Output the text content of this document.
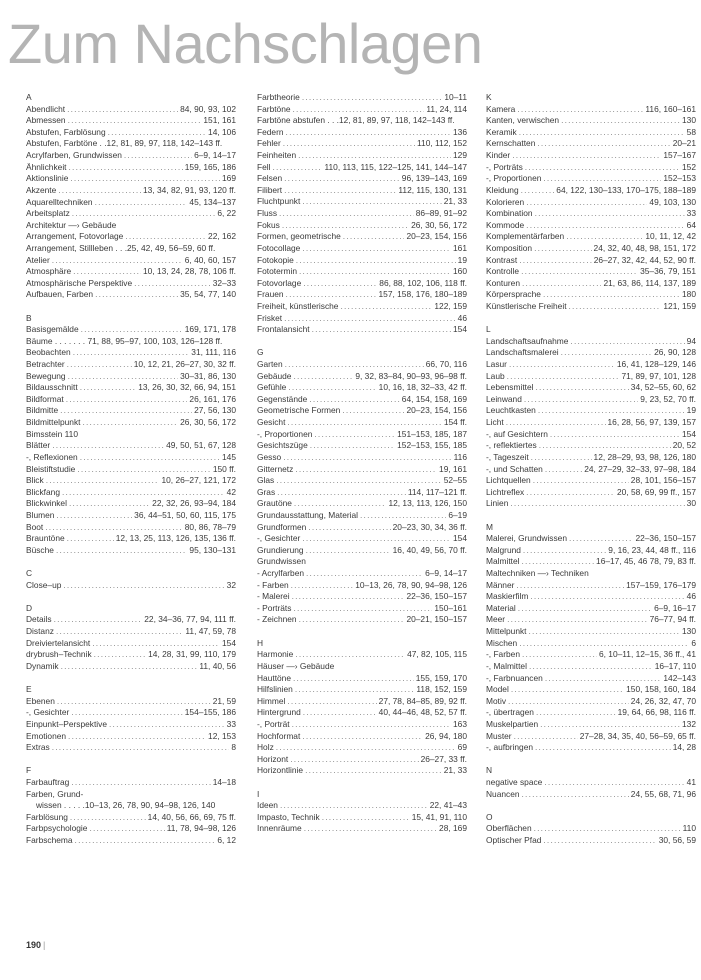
Zum Nachschlagen
A
Abendlicht .....	84, 90, 93, 102
Abmessen .....	151, 161
Abstufen, Farblösung .....	14, 106
Abstufen, Farbtöne . .12, 81, 89, 97, 118, 142–143 ff.
Acrylfarben, Grundwissen .....	6–9, 14–17
Ähnlichkeit .....	159, 165, 186
Aktionslinie .....	169
Akzente .....	13, 34, 82, 91, 93, 120 ff.
Aquarelltechniken .....	45, 134–137
Arbeitsplatz .....	6, 22
Architektur —› Gebäude
Arrangement, Fotovorlage .....	22, 162
Arrangement, Stillleben . . .25, 42, 49, 56–59, 60 ff.
Atelier .....	6, 40, 60, 157
Atmosphäre .....	10, 13, 24, 28, 78, 106 ff.
Atmosphärische Perspektive .....	32–33
Aufbauen, Farben .....	35, 54, 77, 140
B
Basisgemälde .....	169, 171, 178
Bäume . . . . . . . 71, 88, 95–97, 100, 103, 126–128 ff.
Beobachten .....	31, 111, 116
Betrachter .....	10, 12, 21, 26–27, 30, 32 ff.
Bewegung .....	30–31, 86, 130
Bildausschnitt .....	13, 26, 30, 32, 66, 94, 151
Bildformat .....	26, 161, 176
Bildmitte .....	27, 56, 130
Bildmittelpunkt .....	26, 30, 56, 172
Bimsstein 110
Blätter .....	49, 50, 51, 67, 128
-, Reflexionen .....	145
Bleistiftstudie .....	150 ff.
Blick .....	10, 26–27, 121, 172
Blickfang .....	42
Blickwinkel .....	22, 32, 26, 93–94, 184
Blumen .....	36, 44–51, 50, 60, 115, 175
Boot .....	80, 86, 78–79
Brauntöne .....	12, 13, 25, 113, 126, 135, 136 ff.
Büsche .....	95, 130–131
C
Close–up .....	32
D
Details .....	22, 34–36, 77, 94, 111 ff.
Distanz .....	11, 47, 59, 78
Dreiviertelansicht .....	154
drybrush–Technik .....	14, 28, 31, 99, 110, 179
Dynamik .....	11, 40, 56
E
Ebenen .....	21, 59
-, Gesichter .....	154–155, 186
Einpunkt–Perspektive .....	33
Emotionen .....	12, 153
Extras .....	8
F
Farbauftrag .....	14–18
Farben, Grund-
wissen . . . . .10–13, 26, 78, 90, 94–98, 126, 140
Farblösung .....	14, 40, 56, 66, 69, 75 ff.
Farbpsychologie .....	11, 78, 94–98, 126
Farbschema .....	6, 12
Farbtheorie .....	10–11
Farbtöne .....	11, 24, 114
Farbtöne abstufen . . .12, 81, 89, 97, 118, 142–143 ff.
Federn .....	136
Fehler .....	110, 112, 152
Feinheiten .....	129
Fell .....	110, 113, 115, 122–125, 141, 144–147
Felsen .....	96, 139–143, 169
Filibert .....	112, 115, 130, 131
Fluchtpunkt .....	21, 33
Fluss .....	86–89, 91–92
Fokus .....	26, 30, 56, 172
Formen, geometrische .....	20–23, 154, 156
Fotocollage .....	161
Fotokopie .....	19
Fototermin .....	160
Fotovorlage .....	86, 88, 102, 106, 118 ff.
Frauen .....	157, 158, 176, 180–189
Freiheit, künstlerische .....	122, 159
Frisket .....	46
Frontalansicht .....	154
G
Garten .....	66, 70, 116
Gebäude .....	9, 32, 83–84, 90–93, 96–98 ff.
Gefühle .....	10, 16, 18, 32–33, 42 ff.
Gegenstände .....	64, 154, 158, 169
Geometrische Formen .....	20–23, 154, 156
Gesicht .....	154 ff.
-, Proportionen .....	151–153, 185, 187
Gesichtszüge .....	152–153, 155, 185
Gesso .....	116
Gitternetz .....	19, 161
Glas .....	52–55
Gras .....	114, 117–121 ff.
Grautöne .....	12, 13, 113, 126, 150
Grundausstattung, Material .....	6–19
Grundformen .....	20–23, 30, 34, 36 ff.
-, Gesichter .....	154
Grundierung .....	16, 40, 49, 56, 70 ff.
Grundwissen
- Acrylfarben .....	6–9, 14–17
- Farben .....	10–13, 26, 78, 90, 94–98, 126
- Malerei .....	22–36, 150–157
- Porträts .....	150–161
- Zeichnen .....	20–21, 150–157
H
Harmonie .....	47, 82, 105, 115
Häuser —› Gebäude
Hauttöne .....	155, 159, 170
Hilfslinien .....	118, 152, 159
Himmel .....	27, 78, 84–85, 89, 92 ff.
Hintergrund .....	40, 44–46, 48, 52, 57 ff.
-, Porträt .....	163
Hochformat .....	26, 94, 180
Holz .....	69
Horizont .....	26–27, 33 ff.
Horizontlinie .....	21, 33
I
Ideen .....	22, 41–43
Impasto, Technik .....	15, 41, 91, 110
Innenräume .....	28, 169
K
Kamera .....	116, 160–161
Kanten, verwischen .....	130
Keramik .....	58
Kernschatten .....	20–21
Kinder .....	157–167
-, Porträts .....	152
-, Proportionen .....	152–153
Kleidung .....	64, 122, 130–133, 170–175, 188–189
Kolorieren .....	49, 103, 130
Kombination .....	33
Kommode .....	64
Komplementärfarben .....	10, 11, 12, 42
Komposition .....	24, 32, 40, 48, 98, 151, 172
Kontrast .....	26–27, 32, 42, 44, 52, 90 ff.
Kontrolle .....	35–36, 79, 151
Konturen .....	21, 63, 86, 114, 137, 189
Körpersprache .....	180
Künstlerische Freiheit .....	121, 159
L
Landschaftsaufnahme .....	94
Landschaftsmalerei .....	26, 90, 128
Lasur .....	16, 41, 128–129, 146
Laub .....	71, 89, 97, 101, 128
Lebensmittel .....	34, 52–55, 60, 62
Leinwand .....	9, 23, 52, 70 ff.
Leuchtkasten .....	19
Licht .....	16, 28, 56, 97, 139, 157
-, auf Gesichtern .....	154
-, reflektiertes .....	20, 52
-, Tageszeit .....	12, 28–29, 93, 98, 126, 180
-, und Schatten .....	24, 27–29, 32–33, 97–98, 184
Lichtquellen .....	28, 101, 156–157
Lichtreflex .....	20, 58, 69, 99 ff., 157
Linien .....	30
M
Malerei, Grundwissen .....	22–36, 150–157
Malgrund .....	9, 16, 23, 44, 48 ff., 116
Malmittel .....	16–17, 45, 46 78, 79, 83 ff.
Maltechniken —› Techniken
Männer .....	157–159, 176–179
Maskierfilm .....	46
Material .....	6–9, 16–17
Meer .....	76–77, 94 ff.
Mittelpunkt .....	130
Mischen .....	6
-, Farben .....	6, 10–11, 12–15, 36 ff., 41
-, Malmittel .....	16–17, 110
-, Farbnuancen .....	142–143
Model .....	150, 158, 160, 184
Motiv .....	24, 26, 32, 47, 70
-, übertragen .....	19, 64, 66, 98, 116 ff.
Muskelpartien .....	132
Muster .....	27–28, 34, 35, 40, 56–59, 65 ff.
-, aufbringen .....	14, 28
N
negative space .....	41
Nuancen .....	24, 55, 68, 71, 96
O
Oberflächen .....	110
Optischer Pfad .....	30, 56, 59
190 |
